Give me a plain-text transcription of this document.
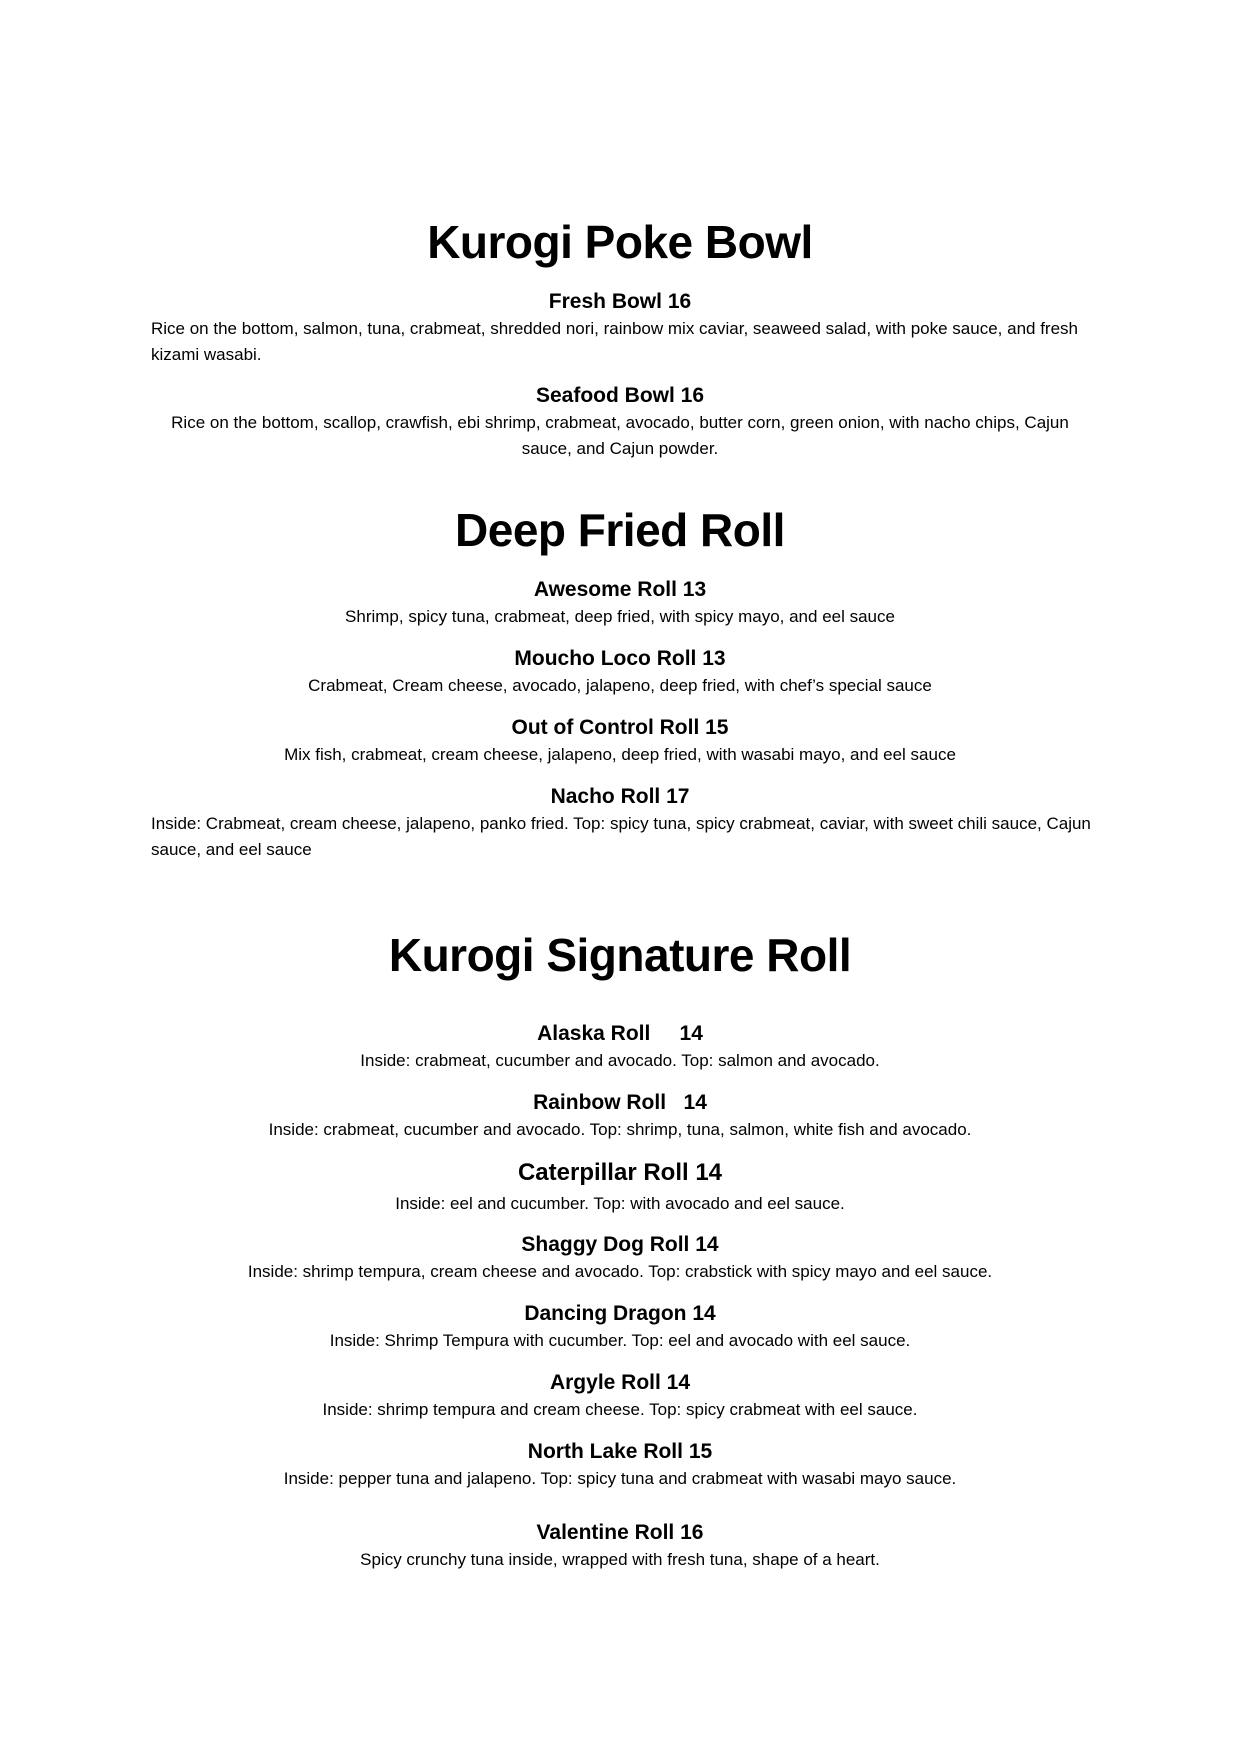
Kurogi Poke Bowl
Fresh Bowl 16

Rice on the bottom, salmon, tuna, crabmeat, shredded nori, rainbow mix caviar, seaweed salad, with poke sauce, and fresh kizami wasabi.

Seafood Bowl 16

Rice on the bottom, scallop, crawfish, ebi shrimp, crabmeat, avocado, butter corn, green onion, with nacho chips, Cajun sauce, and Cajun powder.

Deep Fried Roll
Awesome Roll 13

Shrimp, spicy tuna, crabmeat, deep fried, with spicy mayo, and eel sauce

Moucho Loco Roll 13

Crabmeat, Cream cheese, avocado, jalapeno, deep fried, with chef’s special sauce

Out of Control Roll 15

Mix fish, crabmeat, cream cheese, jalapeno, deep fried, with wasabi mayo, and eel sauce

Nacho Roll 17

Inside: Crabmeat, cream cheese, jalapeno, panko fried. Top: spicy tuna, spicy crabmeat, caviar, with sweet chili sauce, Cajun sauce, and eel sauce

Kurogi Signature Roll
Alaska Roll     14

Inside: crabmeat, cucumber and avocado. Top: salmon and avocado.

Rainbow Roll   14

Inside: crabmeat, cucumber and avocado. Top: shrimp, tuna, salmon, white fish and avocado.

Caterpillar Roll 14

Inside: eel and cucumber. Top: with avocado and eel sauce.

Shaggy Dog Roll 14

Inside: shrimp tempura, cream cheese and avocado. Top: crabstick with spicy mayo and eel sauce.

Dancing Dragon 14

Inside: Shrimp Tempura with cucumber. Top: eel and avocado with eel sauce.

Argyle Roll 14

Inside: shrimp tempura and cream cheese. Top: spicy crabmeat with eel sauce.

North Lake Roll 15

Inside: pepper tuna and jalapeno. Top: spicy tuna and crabmeat with wasabi mayo sauce.

Valentine Roll 16

Spicy crunchy tuna inside, wrapped with fresh tuna, shape of a heart.
